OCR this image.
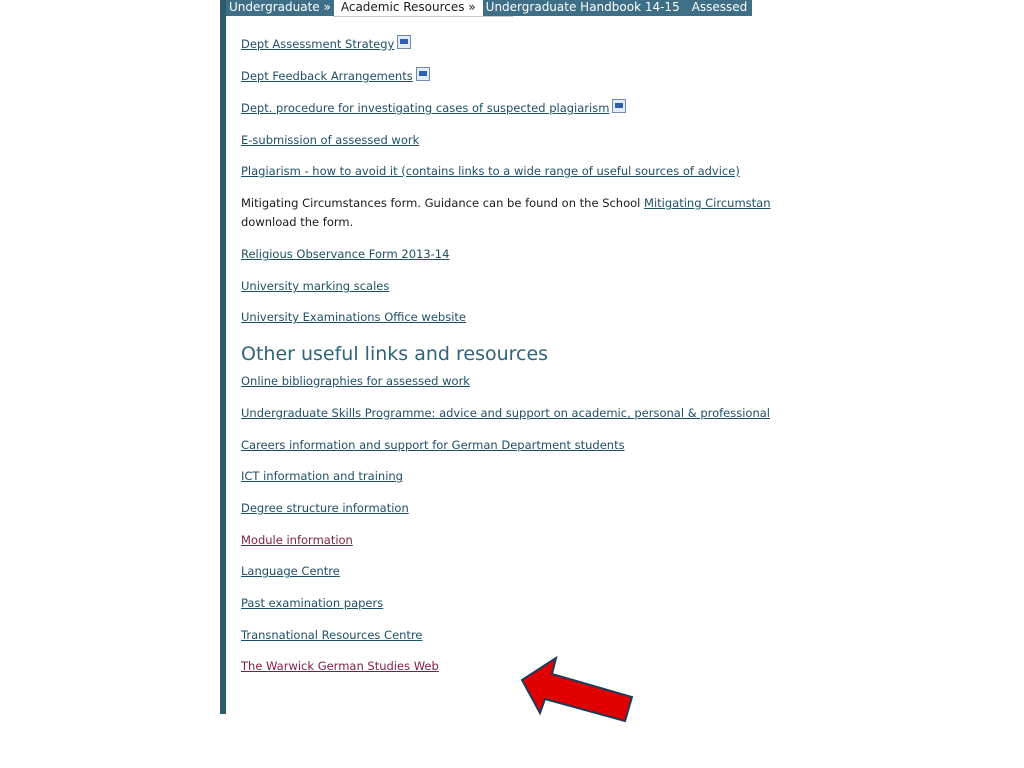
Undergraduate » Academic Resources » Undergraduate Handbook 14-15 Assessed Essays
Dept Assessment Strategy
Dept Feedback Arrangements
Dept. procedure for investigating cases of suspected plagiarism
E-submission of assessed work
Plagiarism - how to avoid it (contains links to a wide range of useful sources of advice)
Mitigating Circumstances form. Guidance can be found on the School Mitigating Circumstan
download the form.
Religious Observance Form 2013-14
University marking scales
University Examinations Office website
Other useful links and resources
Online bibliographies for assessed work
Undergraduate Skills Programme: advice and support on academic, personal & professional
Careers information and support for German Department students
ICT information and training
Degree structure information
Module information
Language Centre
Past examination papers
Transnational Resources Centre
The Warwick German Studies Web
